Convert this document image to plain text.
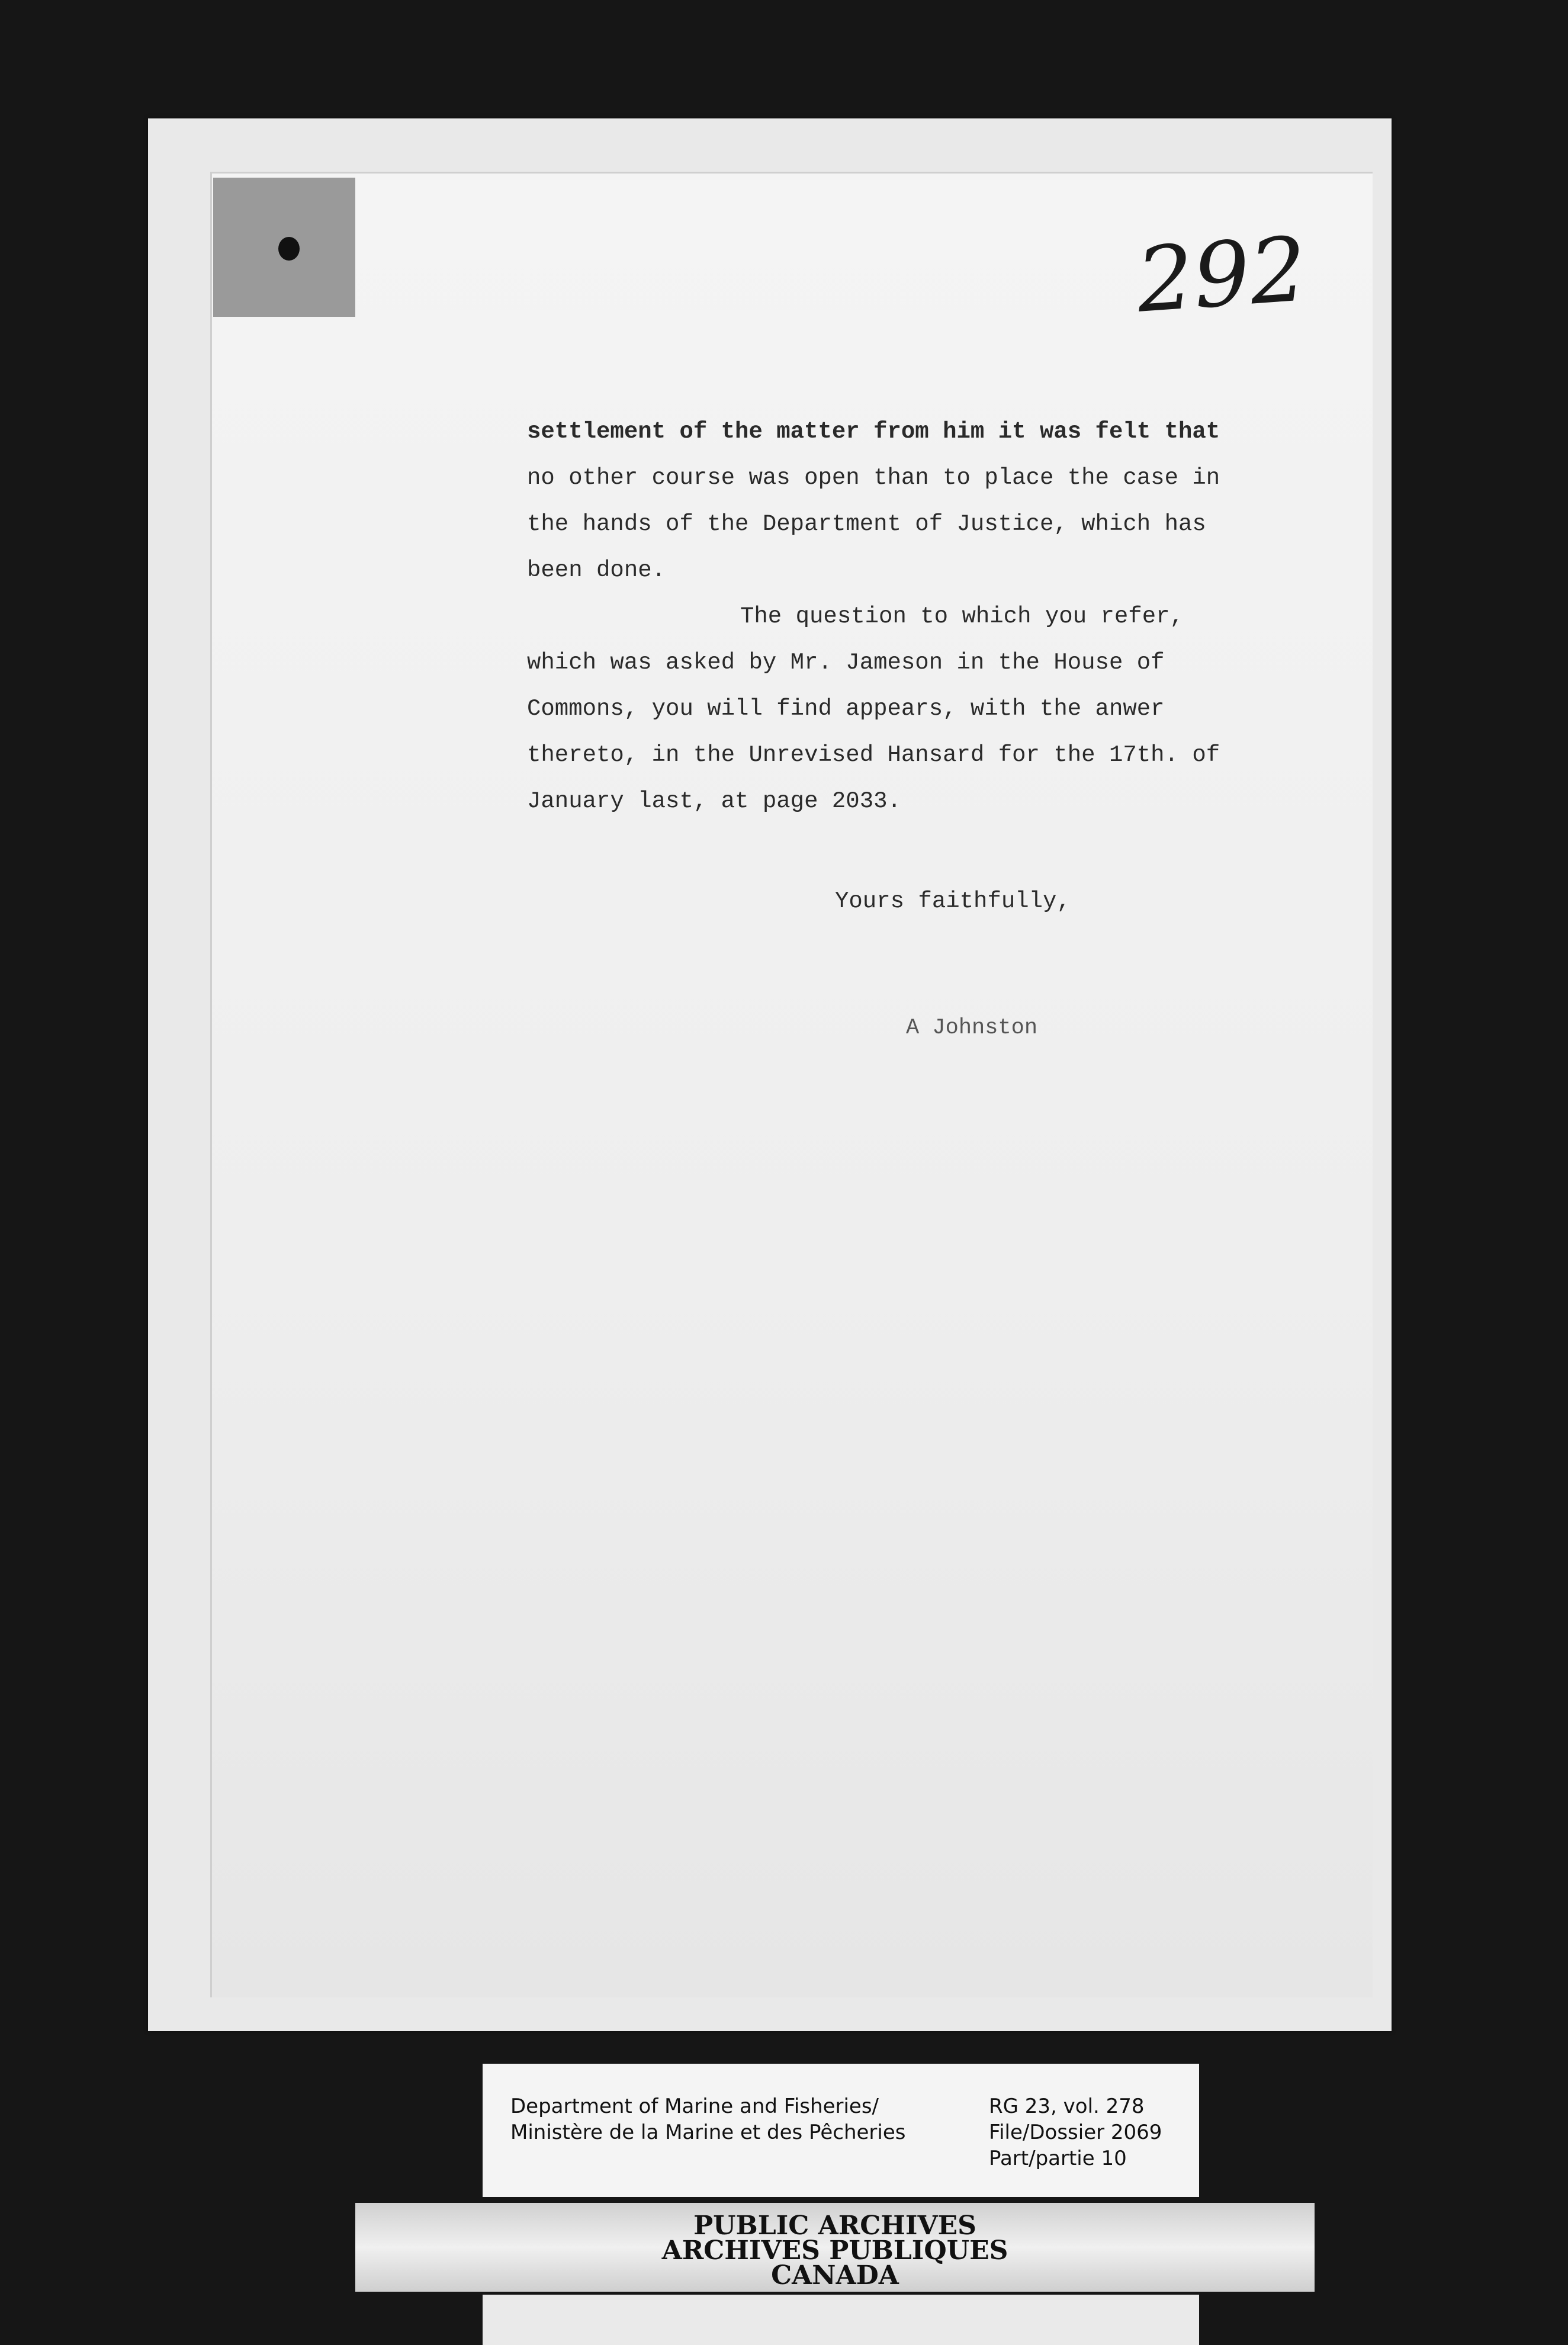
292

settlement of the matter from him it was felt that

no other course was open than to place the case in

the hands of the Department of Justice, which has

been done.

The question to which you refer,

which was asked by Mr. Jameson in the House of

Commons, you will find appears, with the anwer

thereto, in the Unrevised Hansard for the 17th. of

January last, at page 2033.

Yours faithfully,

A Johnston

Department of Marine and Fisheries/
Ministère de la Marine et des Pêcheries
RG 23, vol. 278
File/Dossier 2069
Part/partie 10
PUBLIC ARCHIVES
ARCHIVES PUBLIQUES
CANADA
